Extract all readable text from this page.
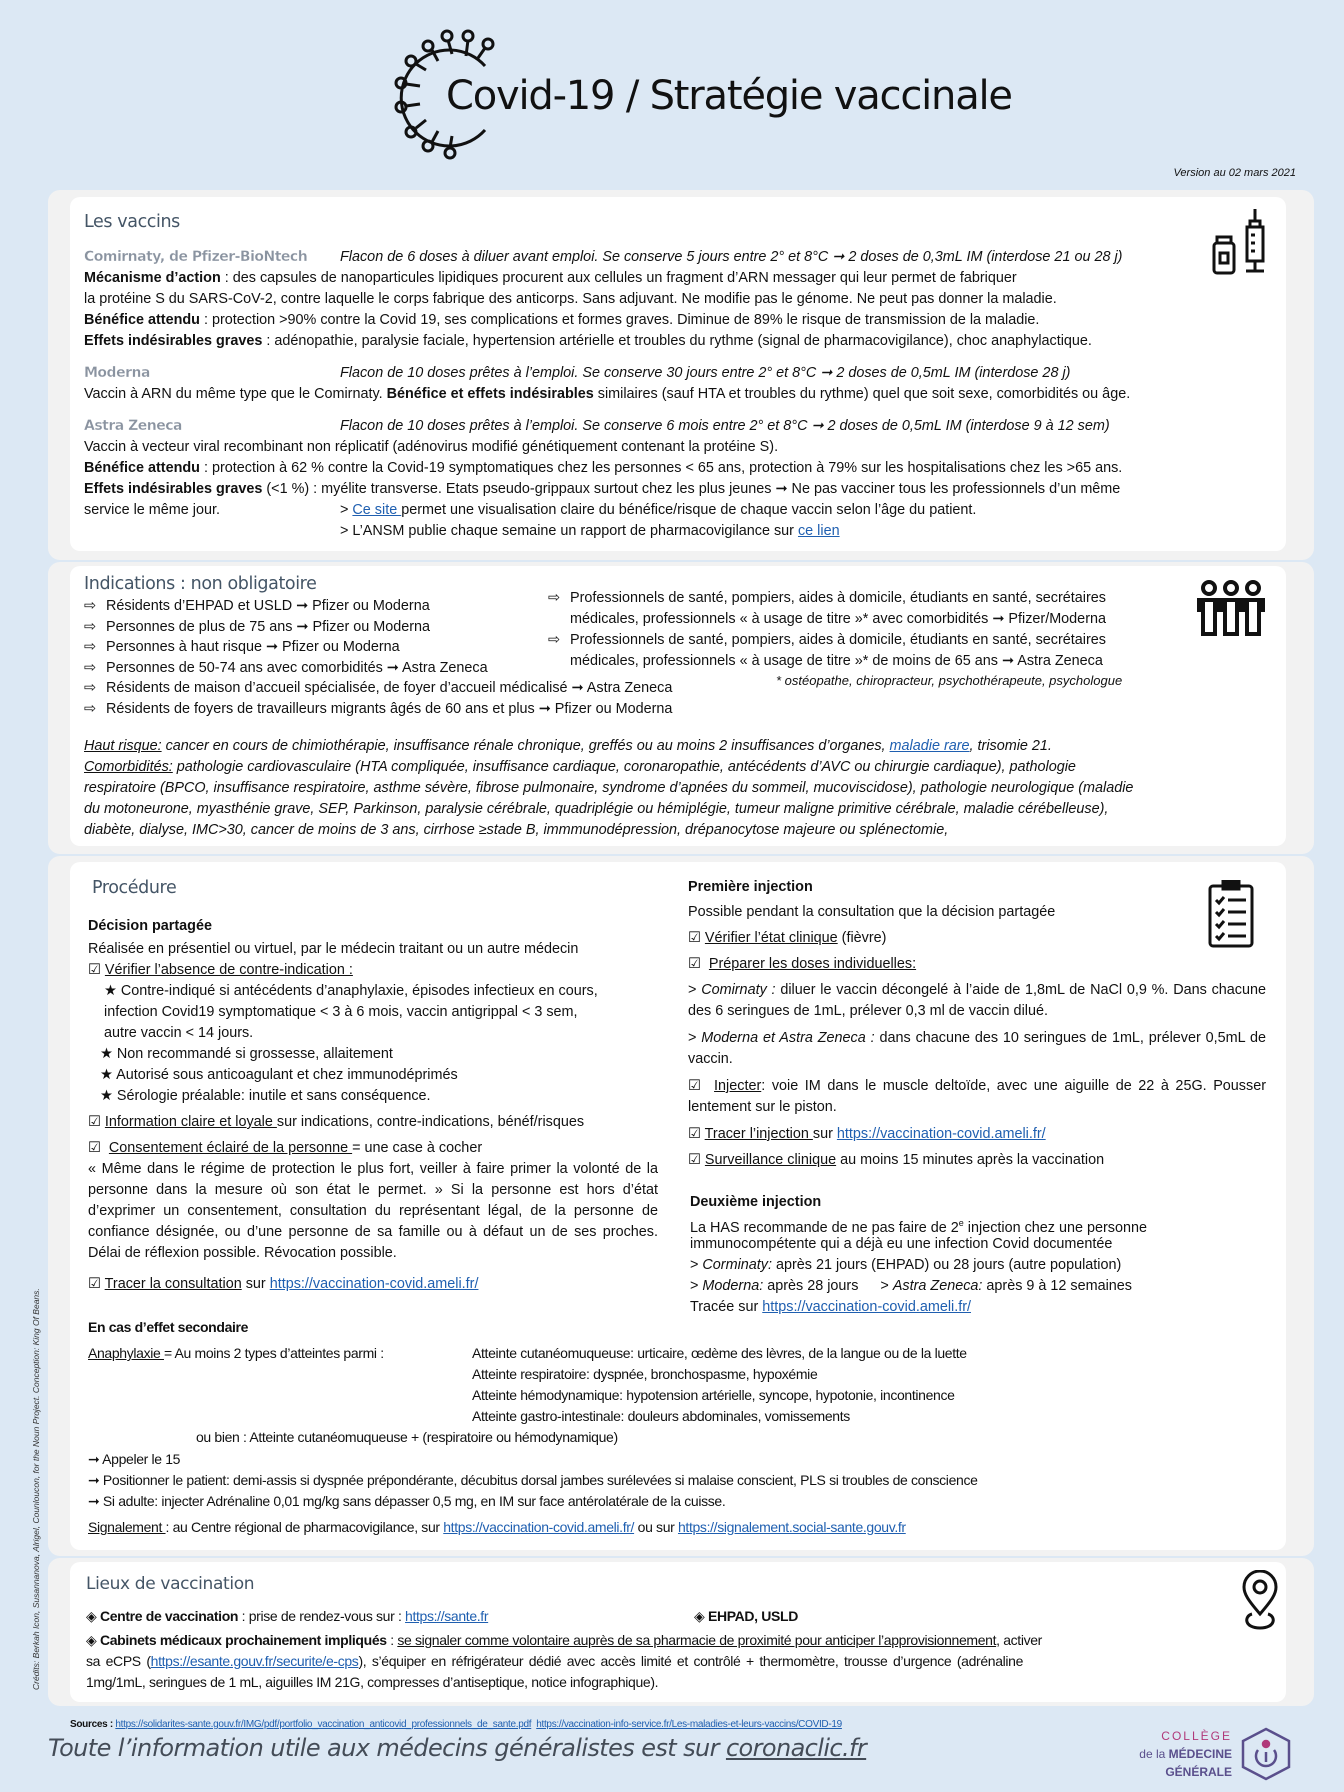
Covid-19 / Stratégie vaccinale
Version au 02 mars 2021
Les vaccins
Comirnaty, de Pfizer-BioNtech Flacon de 6 doses à diluer avant emploi. Se conserve 5 jours entre 2° et 8°C ➞ 2 doses de 0,3mL IM (interdose 21 ou 28 j)
Mécanisme d’action : des capsules de nanoparticules lipidiques procurent aux cellules un fragment d’ARN messager qui leur permet de fabriquer
la protéine S du SARS-CoV-2, contre laquelle le corps fabrique des anticorps. Sans adjuvant. Ne modifie pas le génome. Ne peut pas donner la maladie.
Bénéfice attendu : protection >90% contre la Covid 19, ses complications et formes graves. Diminue de 89% le risque de transmission de la maladie.
Effets indésirables graves : adénopathie, paralysie faciale, hypertension artérielle et troubles du rythme (signal de pharmacovigilance), choc anaphylactique.
Moderna	Flacon de 10 doses prêtes à l’emploi. Se conserve 30 jours entre 2° et 8°C ➞ 2 doses de 0,5mL IM (interdose 28 j)
Vaccin à ARN du même type que le Comirnaty. Bénéfice et effets indésirables similaires (sauf HTA et troubles du rythme) quel que soit sexe, comorbidités ou âge.
Astra Zeneca	Flacon de 10 doses prêtes à l’emploi. Se conserve 6 mois entre 2° et 8°C ➞ 2 doses de 0,5mL IM (interdose 9 à 12 sem)
Vaccin à vecteur viral recombinant non réplicatif (adénovirus modifié génétiquement contenant la protéine S).
Bénéfice attendu : protection à 62 % contre la Covid-19 symptomatiques chez les personnes < 65 ans, protection à 79% sur les hospitalisations chez les >65 ans.
Effets indésirables graves (<1 %) : myélite transverse. Etats pseudo-grippaux surtout chez les plus jeunes ➞ Ne pas vacciner tous les professionnels d’un même
service le même jour.	> Ce site permet une visualisation claire du bénéfice/risque de chaque vaccin selon l’âge du patient.
> L’ANSM publie chaque semaine un rapport de pharmacovigilance sur ce lien
Indications : non obligatoire
⇨ Résidents d’EHPAD et USLD ➞ Pfizer ou Moderna
⇨ Personnes de plus de 75 ans ➞ Pfizer ou Moderna
⇨ Personnes à haut risque ➞ Pfizer ou Moderna
⇨ Personnes de 50-74 ans avec comorbidités ➞ Astra Zeneca
⇨ Résidents de maison d’accueil spécialisée, de foyer d’accueil médicalisé ➞ Astra Zeneca
⇨ Résidents de foyers de travailleurs migrants âgés de 60 ans et plus ➞ Pfizer ou Moderna
⇨ Professionnels de santé, pompiers, aides à domicile, étudiants en santé, secrétaires
médicales, professionnels « à usage de titre »* avec comorbidités ➞ Pfizer/Moderna
⇨ Professionnels de santé, pompiers, aides à domicile, étudiants en santé, secrétaires
médicales, professionnels « à usage de titre »* de moins de 65 ans ➞ Astra Zeneca
* ostéopathe, chiropracteur, psychothérapeute, psychologue
Haut risque: cancer en cours de chimiothérapie, insuffisance rénale chronique, greffés ou au moins 2 insuffisances d’organes, maladie rare, trisomie 21.
Comorbidités: pathologie cardiovasculaire (HTA compliquée, insuffisance cardiaque, coronaropathie, antécédents d’AVC ou chirurgie cardiaque), pathologie
respiratoire (BPCO, insuffisance respiratoire, asthme sévère, fibrose pulmonaire, syndrome d’apnées du sommeil, mucoviscidose), pathologie neurologique (maladie
du motoneurone, myasthénie grave, SEP, Parkinson, paralysie cérébrale, quadriplégie ou hémiplégie, tumeur maligne primitive cérébrale, maladie cérébelleuse),
diabète, dialyse, IMC>30, cancer de moins de 3 ans, cirrhose ≥stade B, immmunodépression, drépanocytose majeure ou splénectomie,
Procédure
Décision partagée
Réalisée en présentiel ou virtuel, par le médecin traitant ou un autre médecin
☑ Vérifier l’absence de contre-indication :
★ Contre-indiqué si antécédents d’anaphylaxie, épisodes infectieux en cours,
infection Covid19 symptomatique < 3 à 6 mois, vaccin antigrippal < 3 sem,
autre vaccin < 14 jours.
★ Non recommandé si grossesse, allaitement
★ Autorisé sous anticoagulant et chez immunodéprimés
★ Sérologie préalable: inutile et sans conséquence.
☑ Information claire et loyale sur indications, contre-indications, bénéf/risques
☑ Consentement éclairé de la personne = une case à cocher
« Même dans le régime de protection le plus fort, veiller à faire primer la volonté de la personne dans la mesure où son état le permet. » Si la personne est hors d’état d’exprimer un consentement, consultation du représentant légal, de la personne de confiance désignée, ou d’une personne de sa famille ou à défaut un de ses proches. Délai de réflexion possible. Révocation possible.
☑ Tracer la consultation sur https://vaccination-covid.ameli.fr/
Première injection
Possible pendant la consultation que la décision partagée
☑ Vérifier l’état clinique (fièvre)
☑ Préparer les doses individuelles:
> Comirnaty : diluer le vaccin décongelé à l’aide de 1,8mL de NaCl 0,9 %. Dans chacune des 6 seringues de 1mL, prélever 0,3 ml de vaccin dilué.
> Moderna et Astra Zeneca : dans chacune des 10 seringues de 1mL, prélever 0,5mL de vaccin.
☑ Injecter: voie IM dans le muscle deltoïde, avec une aiguille de 22 à 25G. Pousser lentement sur le piston.
☑ Tracer l’injection sur https://vaccination-covid.ameli.fr/
☑ Surveillance clinique au moins 15 minutes après la vaccination
Deuxième injection
La HAS recommande de ne pas faire de 2e injection chez une personne
immunocompétente qui a déjà eu une infection Covid documentée
> Corminaty: après 21 jours (EHPAD) ou 28 jours (autre population)
> Moderna: après 28 jours > Astra Zeneca: après 9 à 12 semaines
Tracée sur https://vaccination-covid.ameli.fr/
En cas d’effet secondaire
Anaphylaxie = Au moins 2 types d’atteintes parmi :	Atteinte cutanéomuqueuse: urticaire, œdème des lèvres, de la langue ou de la luette
Atteinte respiratoire: dyspnée, bronchospasme, hypoxémie
Atteinte hémodynamique: hypotension artérielle, syncope, hypotonie, incontinence
Atteinte gastro-intestinale: douleurs abdominales, vomissements
ou bien : Atteinte cutanéomuqueuse + (respiratoire ou hémodynamique)
➞ Appeler le 15
➞ Positionner le patient: demi-assis si dyspnée prépondérante, décubitus dorsal jambes surélevées si malaise conscient, PLS si troubles de conscience
➞ Si adulte: injecter Adrénaline 0,01 mg/kg sans dépasser 0,5 mg, en IM sur face antérolatérale de la cuisse.
Signalement : au Centre régional de pharmacovigilance, sur https://vaccination-covid.ameli.fr/ ou sur https://signalement.social-sante.gouv.fr
Lieux de vaccination
◈ Centre de vaccination : prise de rendez-vous sur : https://sante.fr	◈ EHPAD, USLD
◈ Cabinets médicaux prochainement impliqués : se signaler comme volontaire auprès de sa pharmacie de proximité pour anticiper l’approvisionnement, activer
sa eCPS (https://esante.gouv.fr/securite/e-cps), s’équiper en réfrigérateur dédié avec accès limité et contrôlé + thermomètre, trousse d’urgence (adrénaline
1mg/1mL, seringues de 1 mL, aiguilles IM 21G, compresses d’antiseptique, notice infographique).
Crédits: Berkah Icon, Susannanova, Alrigel, Counloucon, for the Noun Project. Conception: King Of Beans.
Sources : https://solidarites-sante.gouv.fr/IMG/pdf/portfolio_vaccination_anticovid_professionnels_de_sante.pdf https://vaccination-info-service.fr/Les-maladies-et-leurs-vaccins/COVID-19
Toute l’information utile aux médecins généralistes est sur coronaclic.fr	COLLÈGE
de la MÉDECINE
GÉNÉRALE
